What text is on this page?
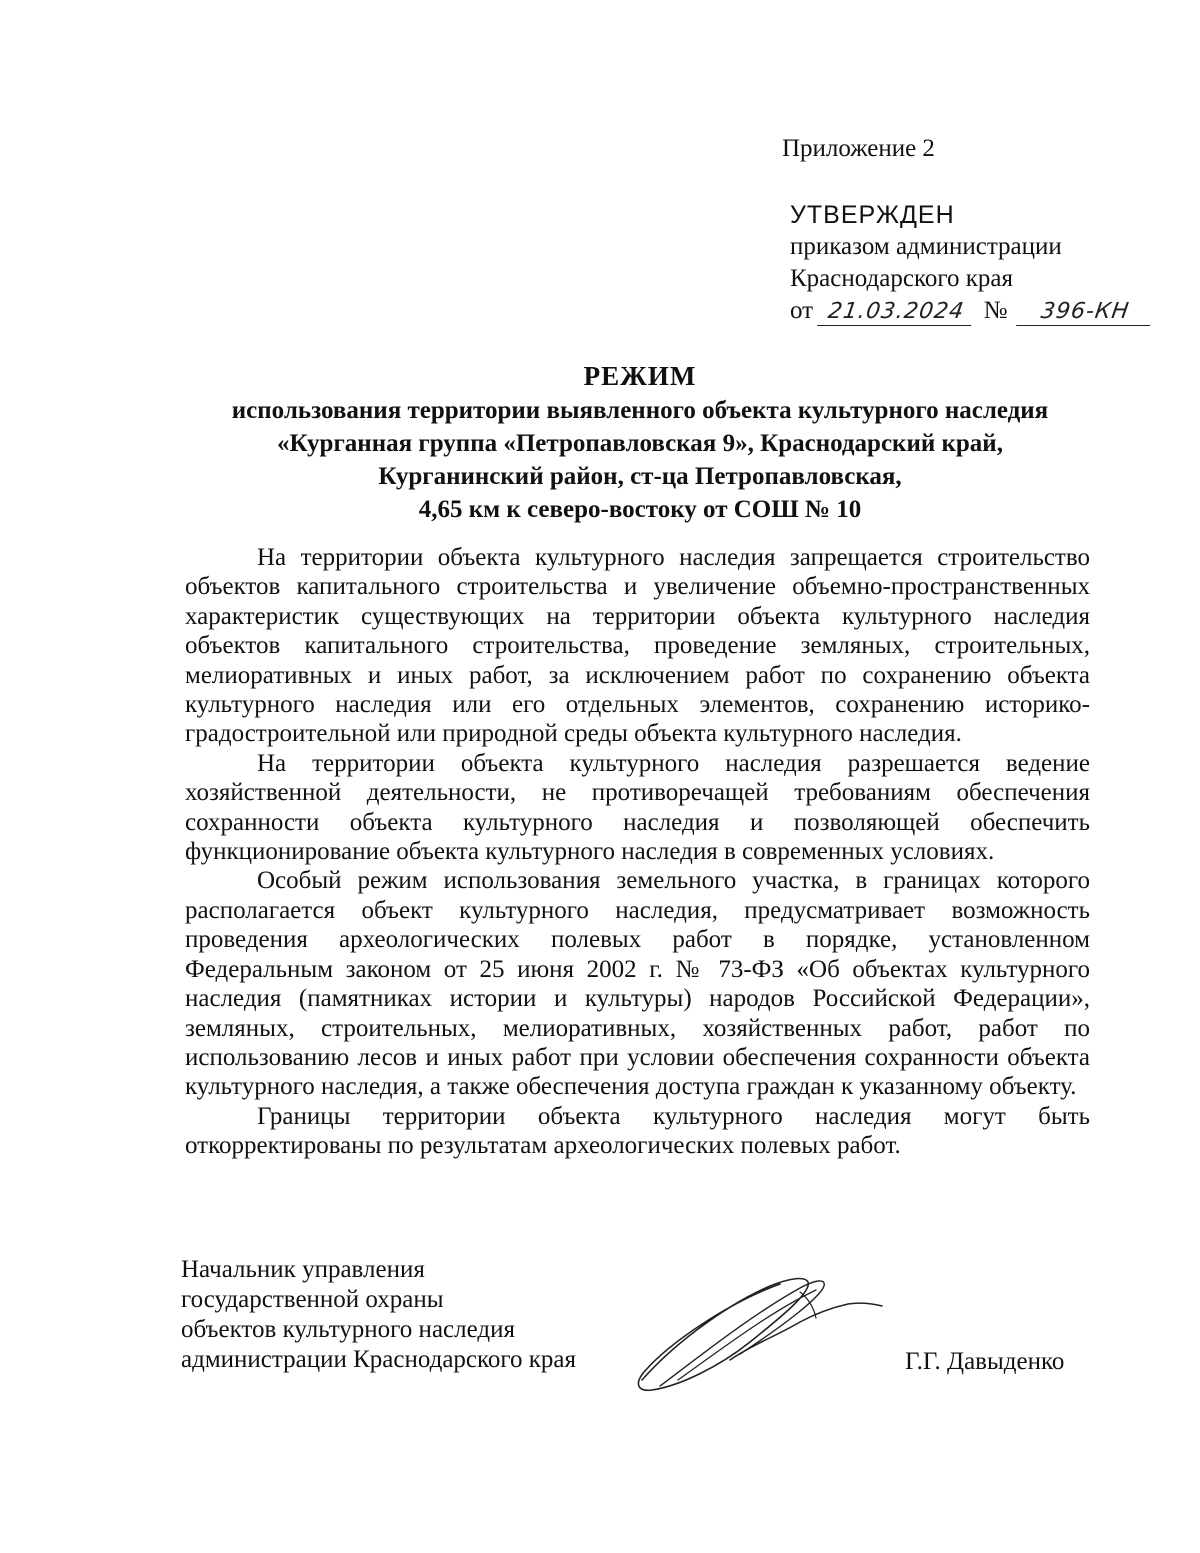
Приложение 2
УТВЕРЖДЕН
приказом администрации
Краснодарского края
от 21.03.2024 № 396-КН
РЕЖИМ
использования территории выявленного объекта культурного наследия
«Курганная группа «Петропавловская 9», Краснодарский край,
Курганинский район, ст-ца Петропавловская,
4,65 км к северо-востоку от СОШ № 10

На территории объекта культурного наследия запрещается строительство объектов капитального строительства и увеличение объемно-пространственных характеристик существующих на территории объекта культурного наследия объектов капитального строительства, проведение земляных, строительных, мелиоративных и иных работ, за исключением работ по сохранению объекта культурного наследия или его отдельных элементов, сохранению историко-градостроительной или природной среды объекта культурного наследия.

На территории объекта культурного наследия разрешается ведение хозяйственной деятельности, не противоречащей требованиям обеспечения сохранности объекта культурного наследия и позволяющей обеспечить функционирование объекта культурного наследия в современных условиях.

Особый режим использования земельного участка, в границах которого располагается объект культурного наследия, предусматривает возможность проведения археологических полевых работ в порядке, установленном Федеральным законом от 25 июня 2002 г. № 73-ФЗ «Об объектах культурного наследия (памятниках истории и культуры) народов Российской Федерации», земляных, строительных, мелиоративных, хозяйственных работ, работ по использованию лесов и иных работ при условии обеспечения сохранности объекта культурного наследия, а также обеспечения доступа граждан к указанному объекту.

Границы территории объекта культурного наследия могут быть откорректированы по результатам археологических полевых работ.

Начальник управления
государственной охраны
объектов культурного наследия
администрации Краснодарского края	Г.Г. Давыденко
